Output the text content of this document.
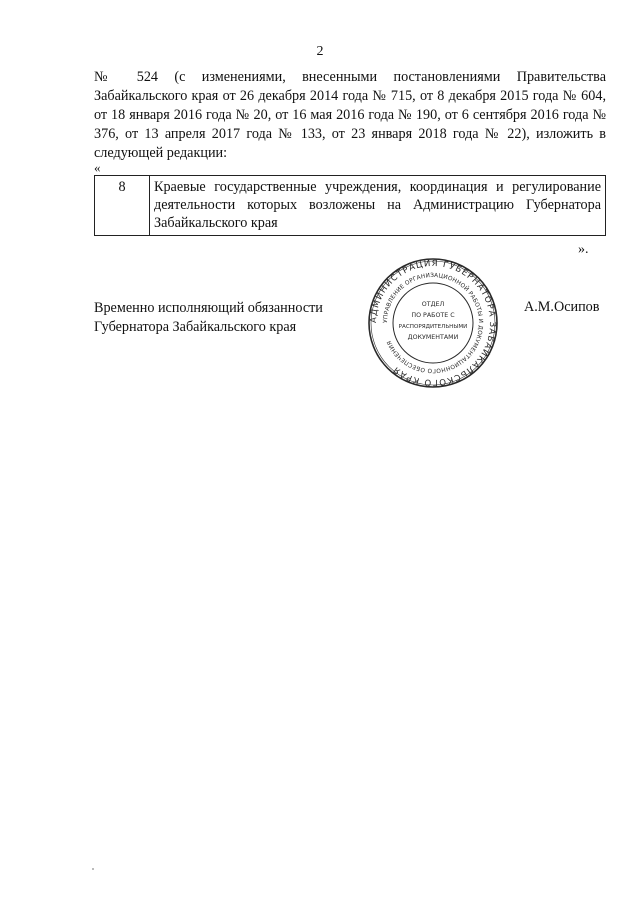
2
№ 524 (с изменениями, внесенными постановлениями Правительства Забайкальского края от 26 декабря 2014 года № 715, от 8 декабря 2015 года № 604, от 18 января 2016 года № 20, от 16 мая 2016 года № 190, от 6 сентября 2016 года № 376, от 13 апреля 2017 года № 133, от 23 января 2018 года № 22), изложить в следующей редакции:
«
8	Краевые государственные учреждения, координация и регулирование деятельности которых возложены на Администрацию Губернатора Забайкальского края
».
Временно исполняющий обязанности
Губернатора Забайкальского края
А.М.Осипов
АДМИНИСТРАЦИЯ ГУБЕРНАТОРА ЗАБАЙКАЛЬСКОГО КРАЯ
УПРАВЛЕНИЕ ОРГАНИЗАЦИОННОЙ РАБОТЫ И ДОКУМЕНТАЦИОННОГО ОБЕСПЕЧЕНИЯ
ОТДЕЛ
ПО РАБОТЕ С
РАСПОРЯДИТЕЛЬНЫМИ
ДОКУМЕНТАМИ
